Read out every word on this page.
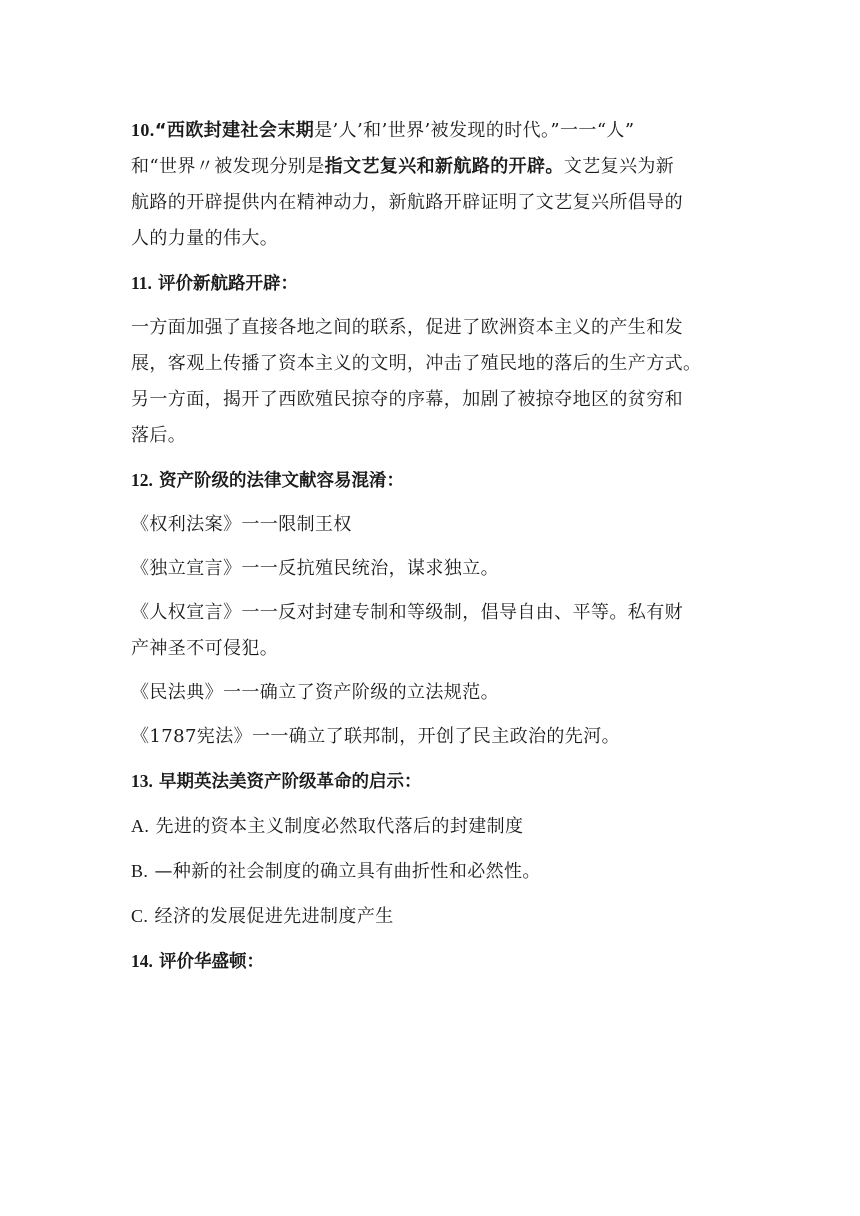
10.“西欧封建社会末期是’人’和’世界’被发现的时代。”一一“人”
和“世界〃被发现分别是指文艺复兴和新航路的开辟。文艺复兴为新
航路的开辟提供内在精神动力，新航路开辟证明了文艺复兴所倡导的
人的力量的伟大。
11. 评价新航路开辟：
一方面加强了直接各地之间的联系，促进了欧洲资本主义的产生和发
展，客观上传播了资本主义的文明，冲击了殖民地的落后的生产方式。
另一方面，揭开了西欧殖民掠夺的序幕，加剧了被掠夺地区的贫穷和
落后。
12. 资产阶级的法律文献容易混淆：
《权利法案》一一限制王权
《独立宣言》一一反抗殖民统治，谋求独立。
《人权宣言》一一反对封建专制和等级制，倡导自由、平等。私有财
产神圣不可侵犯。
《民法典》一一确立了资产阶级的立法规范。
《1787宪法》一一确立了联邦制，开创了民主政治的先河。
13. 早期英法美资产阶级革命的启示：
A. 先进的资本主义制度必然取代落后的封建制度
B. —种新的社会制度的确立具有曲折性和必然性。
C. 经济的发展促进先进制度产生
14. 评价华盛顿：
